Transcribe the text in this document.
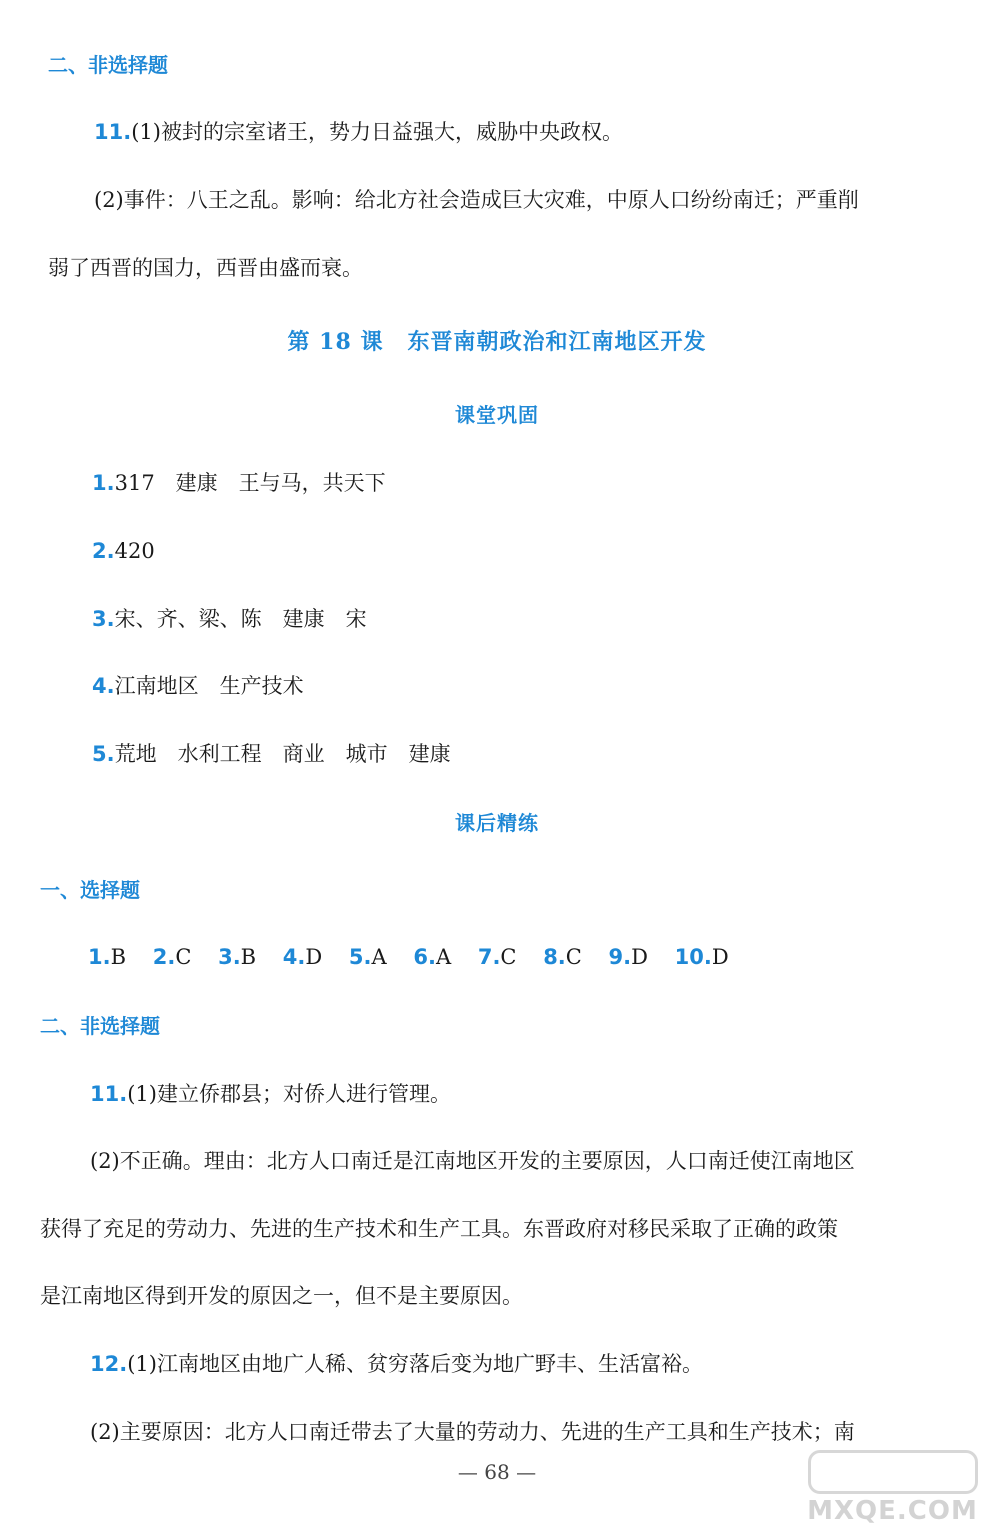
二、非选择题
11.(1)被封的宗室诸王，势力日益强大，威胁中央政权。
(2)事件：八王之乱。影响：给北方社会造成巨大灾难，中原人口纷纷南迁；严重削
弱了西晋的国力，西晋由盛而衰。
第 18 课 东晋南朝政治和江南地区开发
课堂巩固
1.317　建康　王与马，共天下
2.420
3.宋、齐、梁、陈　建康　宋
4.江南地区　生产技术
5.荒地　水利工程　商业　城市　建康
课后精练
一、选择题
1.B 2.C 3.B 4.D 5.A 6.A 7.C 8.C 9.D 10.D
二、非选择题
11.(1)建立侨郡县；对侨人进行管理。
(2)不正确。理由：北方人口南迁是江南地区开发的主要原因，人口南迁使江南地区
获得了充足的劳动力、先进的生产技术和生产工具。东晋政府对移民采取了正确的政策
是江南地区得到开发的原因之一，但不是主要原因。
12.(1)江南地区由地广人稀、贫穷落后变为地广野丰、生活富裕。
(2)主要原因：北方人口南迁带去了大量的劳动力、先进的生产工具和生产技术；南
— 68 —
MXQE.COM
